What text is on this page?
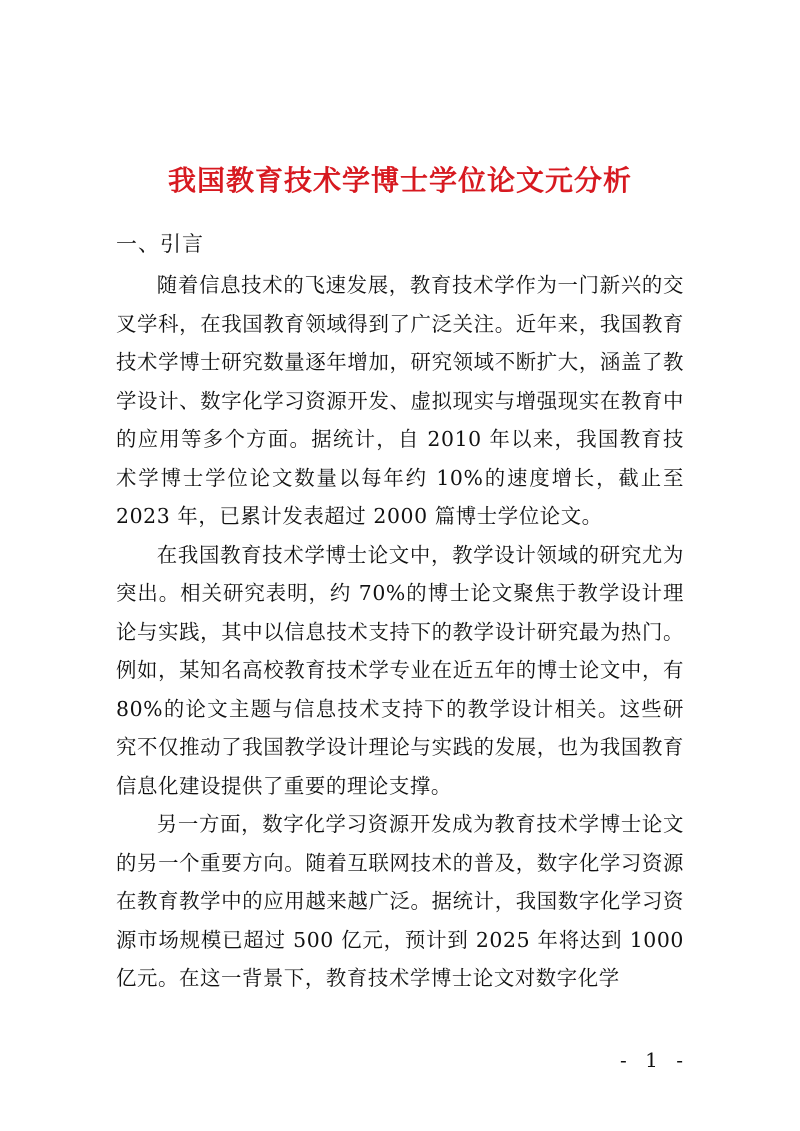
我国教育技术学博士学位论文元分析
一、引言

随着信息技术的飞速发展，教育技术学作为一门新兴的交叉学科，在我国教育领域得到了广泛关注。近年来，我国教育技术学博士研究数量逐年增加，研究领域不断扩大，涵盖了教学设计、数字化学习资源开发、虚拟现实与增强现实在教育中的应用等多个方面。据统计，自 2010 年以来，我国教育技术学博士学位论文数量以每年约 10%的速度增长，截止至 2023 年，已累计发表超过 2000 篇博士学位论文。

在我国教育技术学博士论文中，教学设计领域的研究尤为突出。相关研究表明，约 70%的博士论文聚焦于教学设计理论与实践，其中以信息技术支持下的教学设计研究最为热门。例如，某知名高校教育技术学专业在近五年的博士论文中，有 80%的论文主题与信息技术支持下的教学设计相关。这些研究不仅推动了我国教学设计理论与实践的发展，也为我国教育信息化建设提供了重要的理论支撑。

另一方面，数字化学习资源开发成为教育技术学博士论文的另一个重要方向。随着互联网技术的普及，数字化学习资源在教育教学中的应用越来越广泛。据统计，我国数字化学习资源市场规模已超过 500 亿元，预计到 2025 年将达到 1000 亿元。在这一背景下，教育技术学博士论文对数字化学

- 1 -
